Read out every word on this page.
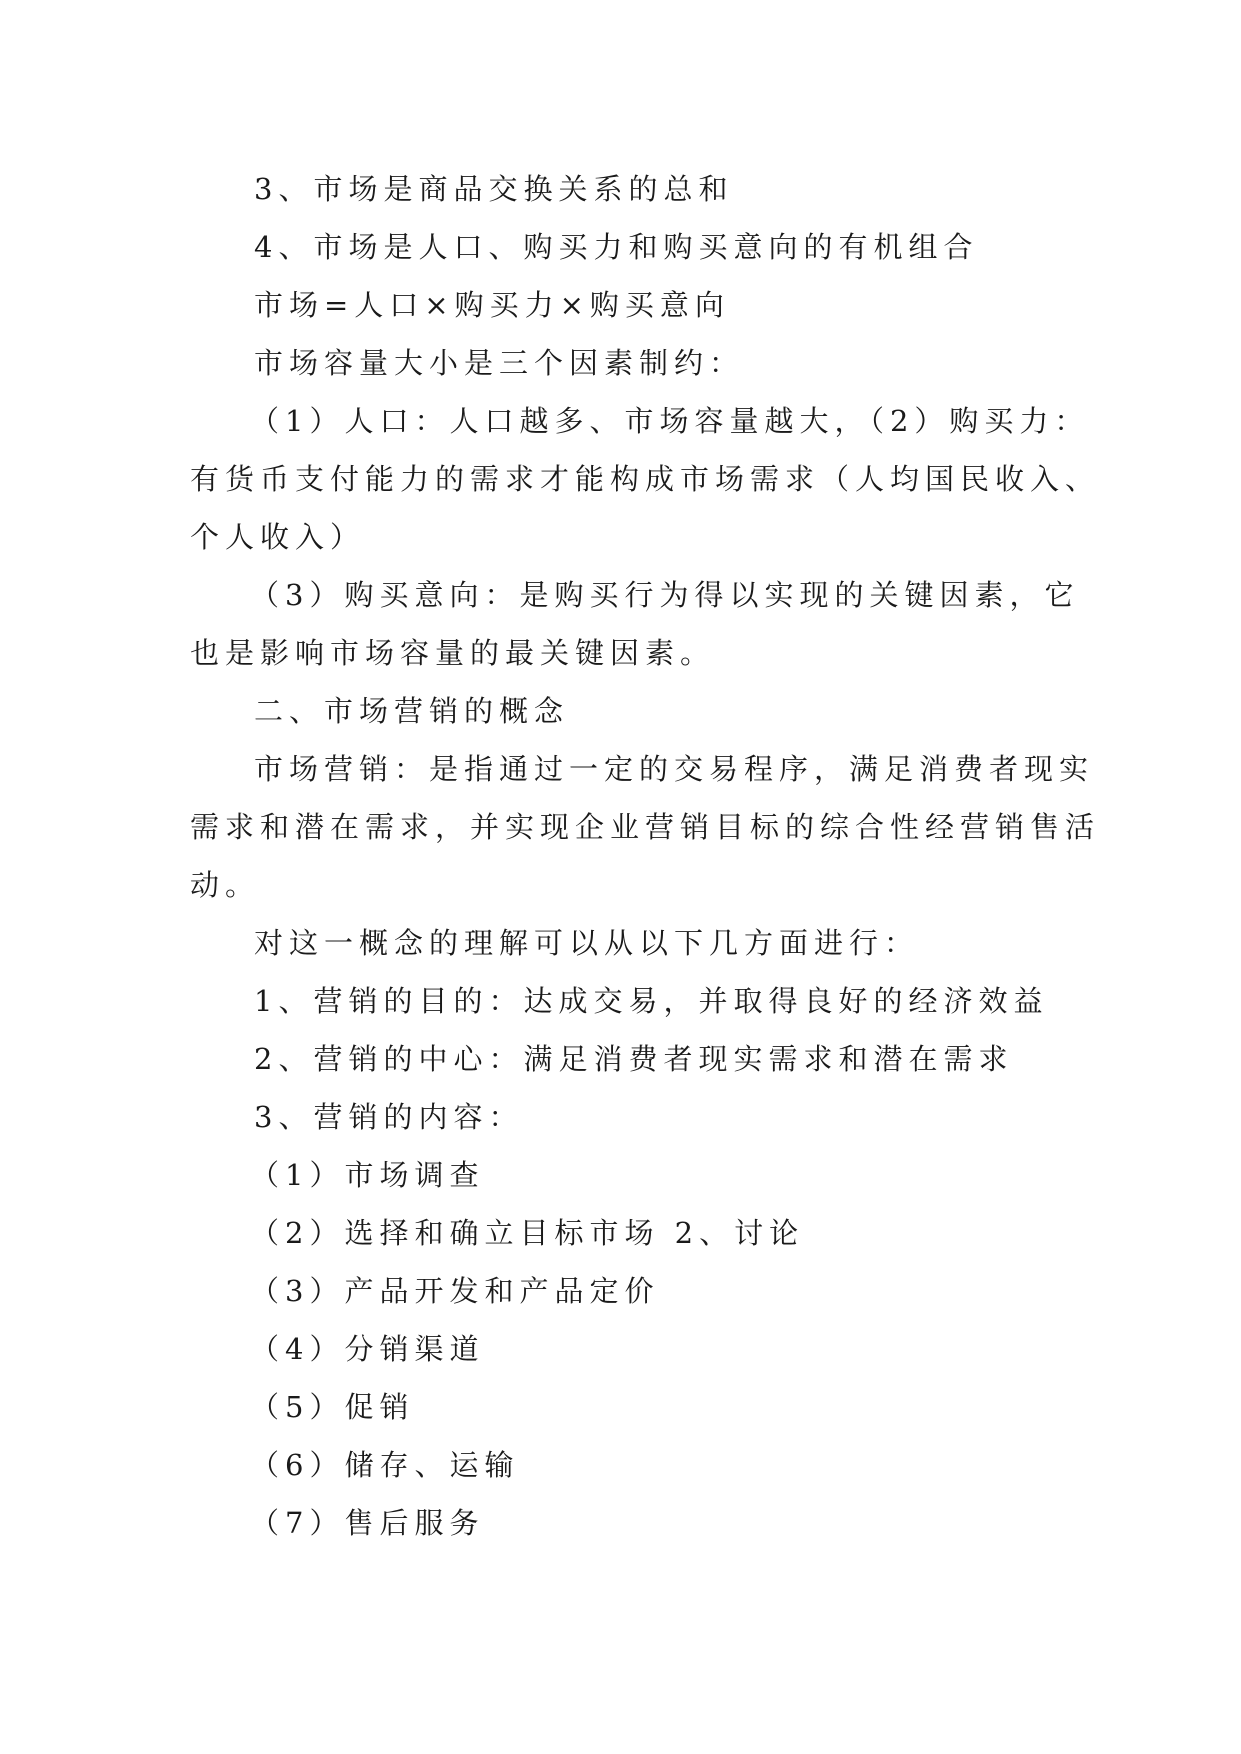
3、市场是商品交换关系的总和
4、市场是人口、购买力和购买意向的有机组合
市场=人口×购买力×购买意向
市场容量大小是三个因素制约：
（1）人口：人口越多、市场容量越大，（2）购买力：
有货币支付能力的需求才能构成市场需求（人均国民收入、
个人收入）
（3）购买意向：是购买行为得以实现的关键因素，它
也是影响市场容量的最关键因素。
二、市场营销的概念
市场营销：是指通过一定的交易程序，满足消费者现实
需求和潜在需求，并实现企业营销目标的综合性经营销售活
动。
对这一概念的理解可以从以下几方面进行：
1、营销的目的：达成交易，并取得良好的经济效益
2、营销的中心：满足消费者现实需求和潜在需求
3、营销的内容：
（1）市场调查
（2）选择和确立目标市场 2、讨论
（3）产品开发和产品定价
（4）分销渠道
（5）促销
（6）储存、运输
（7）售后服务
